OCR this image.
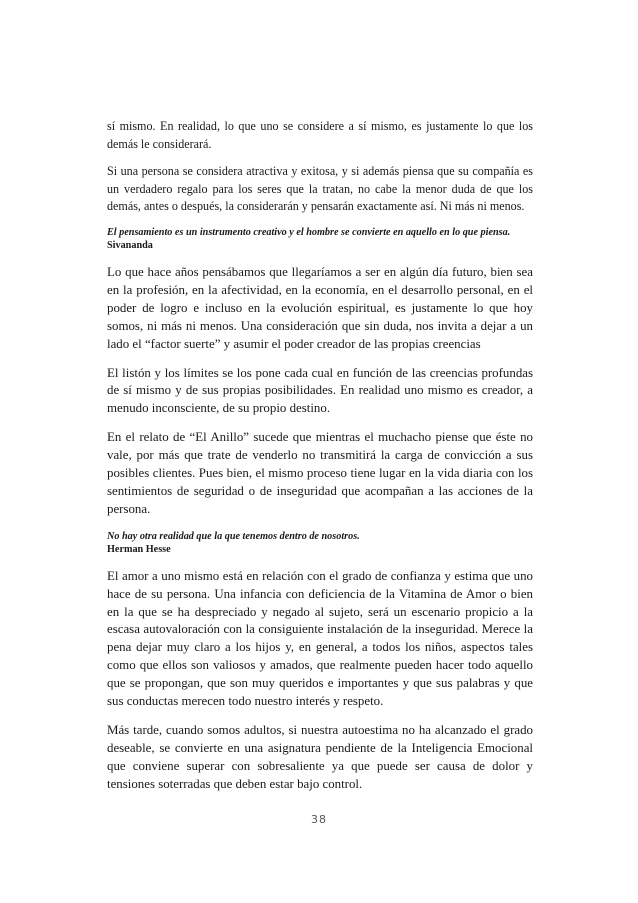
sí mismo. En realidad, lo que uno se considere a sí mismo, es justamente lo que los demás le considerará.

Si una persona se considera atractiva y exitosa, y si además piensa que su compañía es un verdadero regalo para los seres que la tratan, no cabe la menor duda de que los demás, antes o después, la considerarán y pensarán exactamente así. Ni más ni menos.

El pensamiento es un instrumento creativo y el hombre se convierte en aquello en lo que piensa.
Sivananda

Lo que hace años pensábamos que llegaríamos a ser en algún día futuro, bien sea en la profesión, en la afectividad, en la economía, en el desarrollo personal, en el poder de logro e incluso en la evolución espiritual, es justamente lo que hoy somos, ni más ni menos. Una consideración que sin duda, nos invita a dejar a un lado el “factor suerte” y asumir el poder creador de las propias creencias

El listón y los límites se los pone cada cual en función de las creencias profundas de sí mismo y de sus propias posibilidades. En realidad uno mismo es creador, a menudo inconsciente, de su propio destino.

En el relato de “El Anillo” sucede que mientras el muchacho piense que éste no vale, por más que trate de venderlo no transmitirá la carga de convicción a sus posibles clientes. Pues bien, el mismo proceso tiene lugar en la vida diaria con los sentimientos de seguridad o de inseguridad que acompañan a las acciones de la persona.

No hay otra realidad que la que tenemos dentro de nosotros.
Herman Hesse

El amor a uno mismo está en relación con el grado de confianza y estima que uno hace de su persona. Una infancia con deficiencia de la Vitamina de Amor o bien en la que se ha despreciado y negado al sujeto, será un escenario propicio a la escasa autovaloración con la consiguiente instalación de la inseguridad. Merece la pena dejar muy claro a los hijos y, en general, a todos los niños, aspectos tales como que ellos son valiosos y amados, que realmente pueden hacer todo aquello que se propongan, que son muy queridos e importantes y que sus palabras y que sus conductas merecen todo nuestro interés y respeto.

Más tarde, cuando somos adultos, si nuestra autoestima no ha alcanzado el grado deseable, se convierte en una asignatura pendiente de la Inteligencia Emocional que conviene superar con sobresaliente ya que puede ser causa de dolor y tensiones soterradas que deben estar bajo control.

38
